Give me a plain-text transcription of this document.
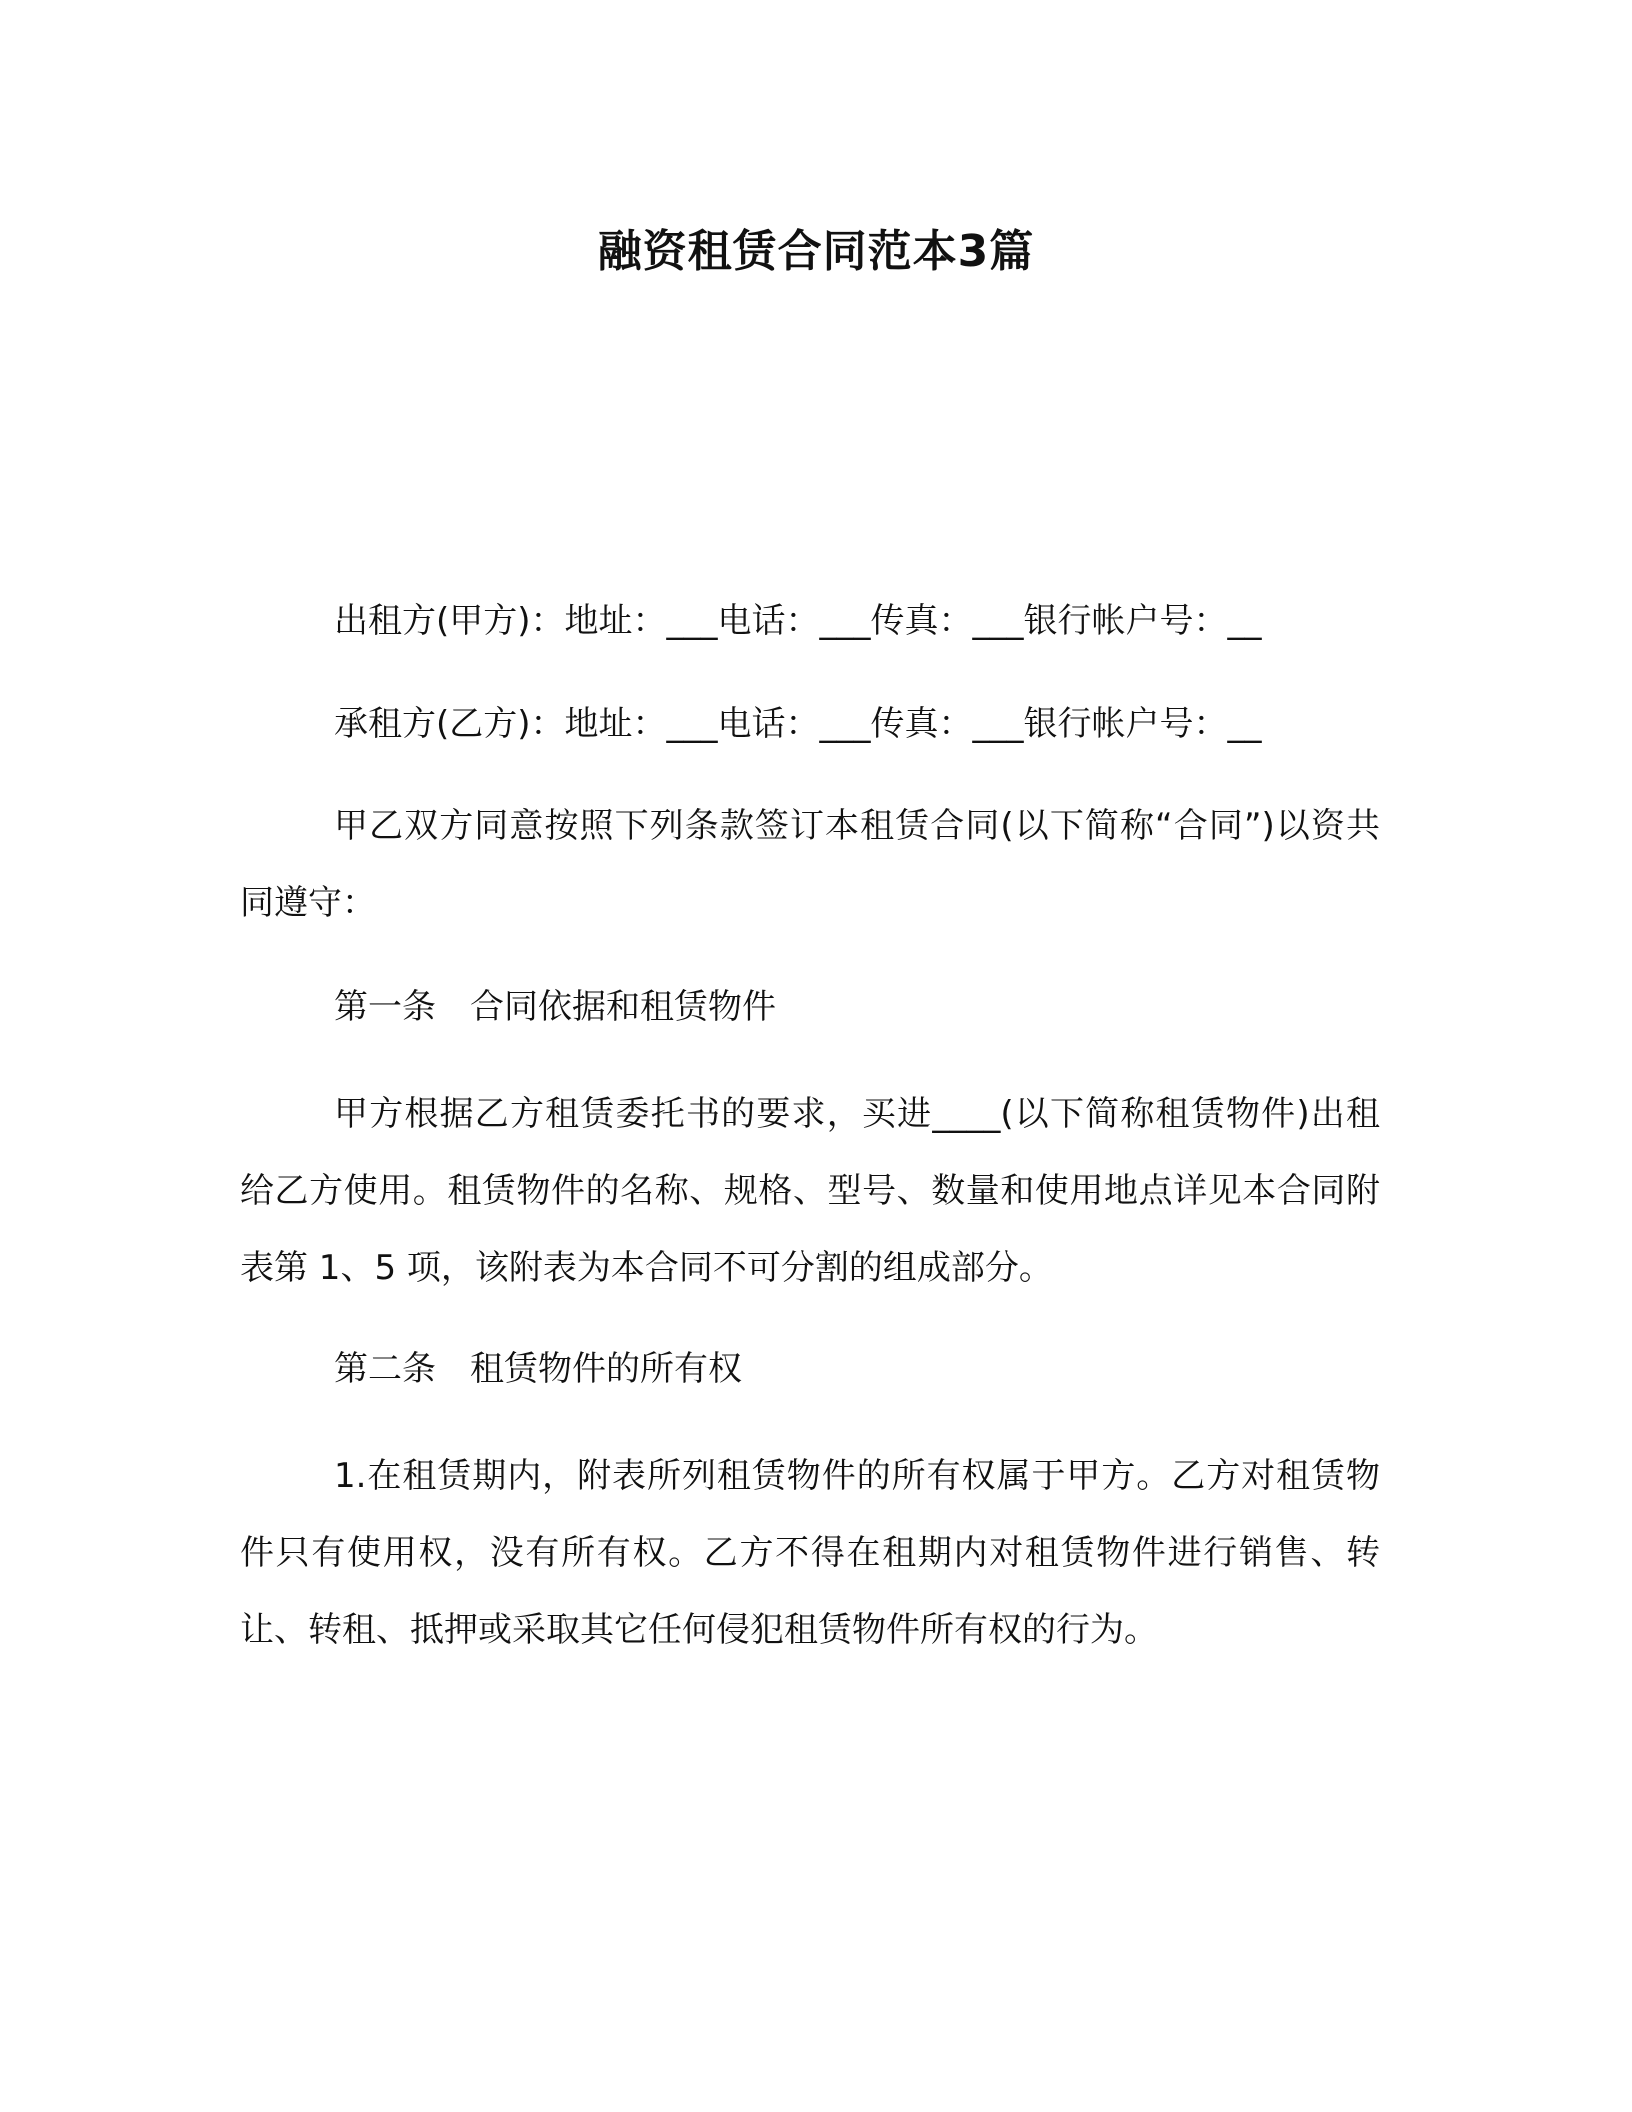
融资租赁合同范本3篇

出租方(甲方)：地址：___电话：___传真：___银行帐户号：__

承租方(乙方)：地址：___电话：___传真：___银行帐户号：__

甲乙双方同意按照下列条款签订本租赁合同(以下简称“合同”)以资共同遵守：

第一条　合同依据和租赁物件

甲方根据乙方租赁委托书的要求，买进____(以下简称租赁物件)出租给乙方使用。租赁物件的名称、规格、型号、数量和使用地点详见本合同附表第 1、5 项，该附表为本合同不可分割的组成部分。

第二条　租赁物件的所有权

1.在租赁期内，附表所列租赁物件的所有权属于甲方。乙方对租赁物件只有使用权，没有所有权。乙方不得在租期内对租赁物件进行销售、转让、转租、抵押或采取其它任何侵犯租赁物件所有权的行为。
